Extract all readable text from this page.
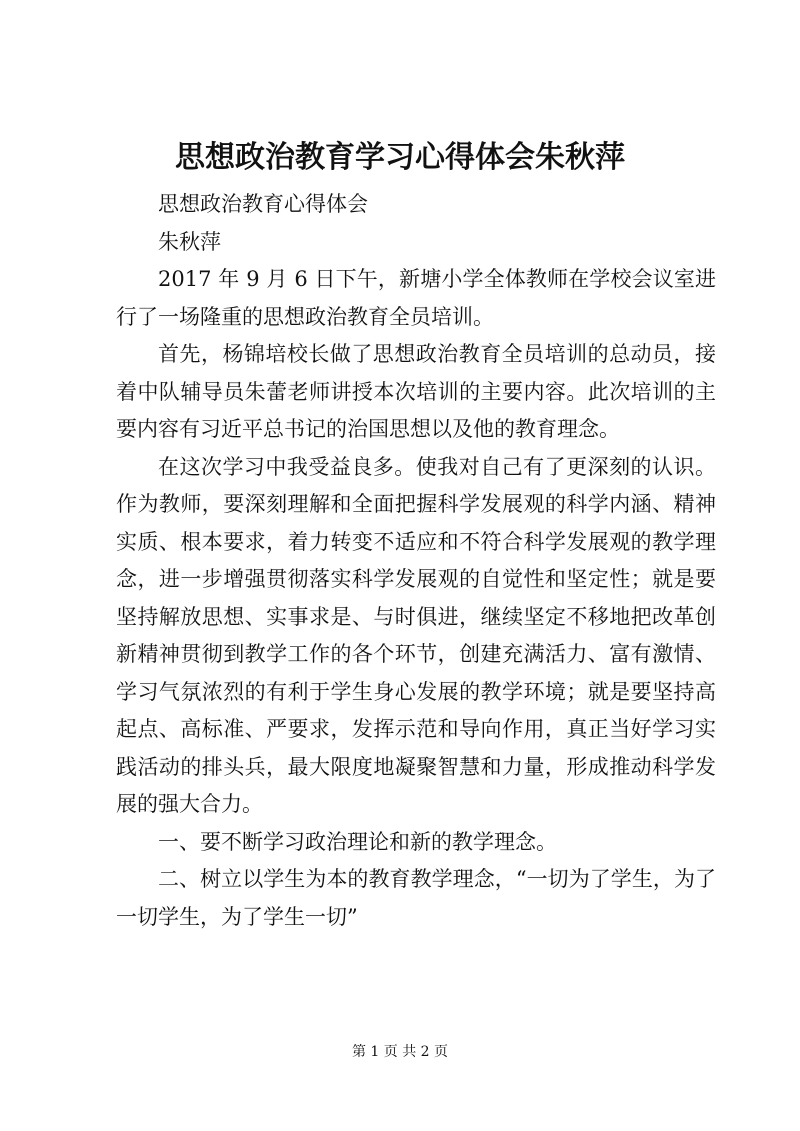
思想政治教育学习心得体会朱秋萍

思想政治教育心得体会

朱秋萍

2017 年 9 月 6 日下午，新塘小学全体教师在学校会议室进行了一场隆重的思想政治教育全员培训。

首先，杨锦培校长做了思想政治教育全员培训的总动员，接着中队辅导员朱蕾老师讲授本次培训的主要内容。此次培训的主要内容有习近平总书记的治国思想以及他的教育理念。

在这次学习中我受益良多。使我对自己有了更深刻的认识。作为教师，要深刻理解和全面把握科学发展观的科学内涵、精神实质、根本要求，着力转变不适应和不符合科学发展观的教学理念，进一步增强贯彻落实科学发展观的自觉性和坚定性；就是要坚持解放思想、实事求是、与时俱进，继续坚定不移地把改革创新精神贯彻到教学工作的各个环节，创建充满活力、富有激情、学习气氛浓烈的有利于学生身心发展的教学环境；就是要坚持高起点、高标准、严要求，发挥示范和导向作用，真正当好学习实践活动的排头兵，最大限度地凝聚智慧和力量，形成推动科学发展的强大合力。

一、要不断学习政治理论和新的教学理念。

二、树立以学生为本的教育教学理念，“一切为了学生，为了一切学生，为了学生一切”

第 1 页 共 2 页
